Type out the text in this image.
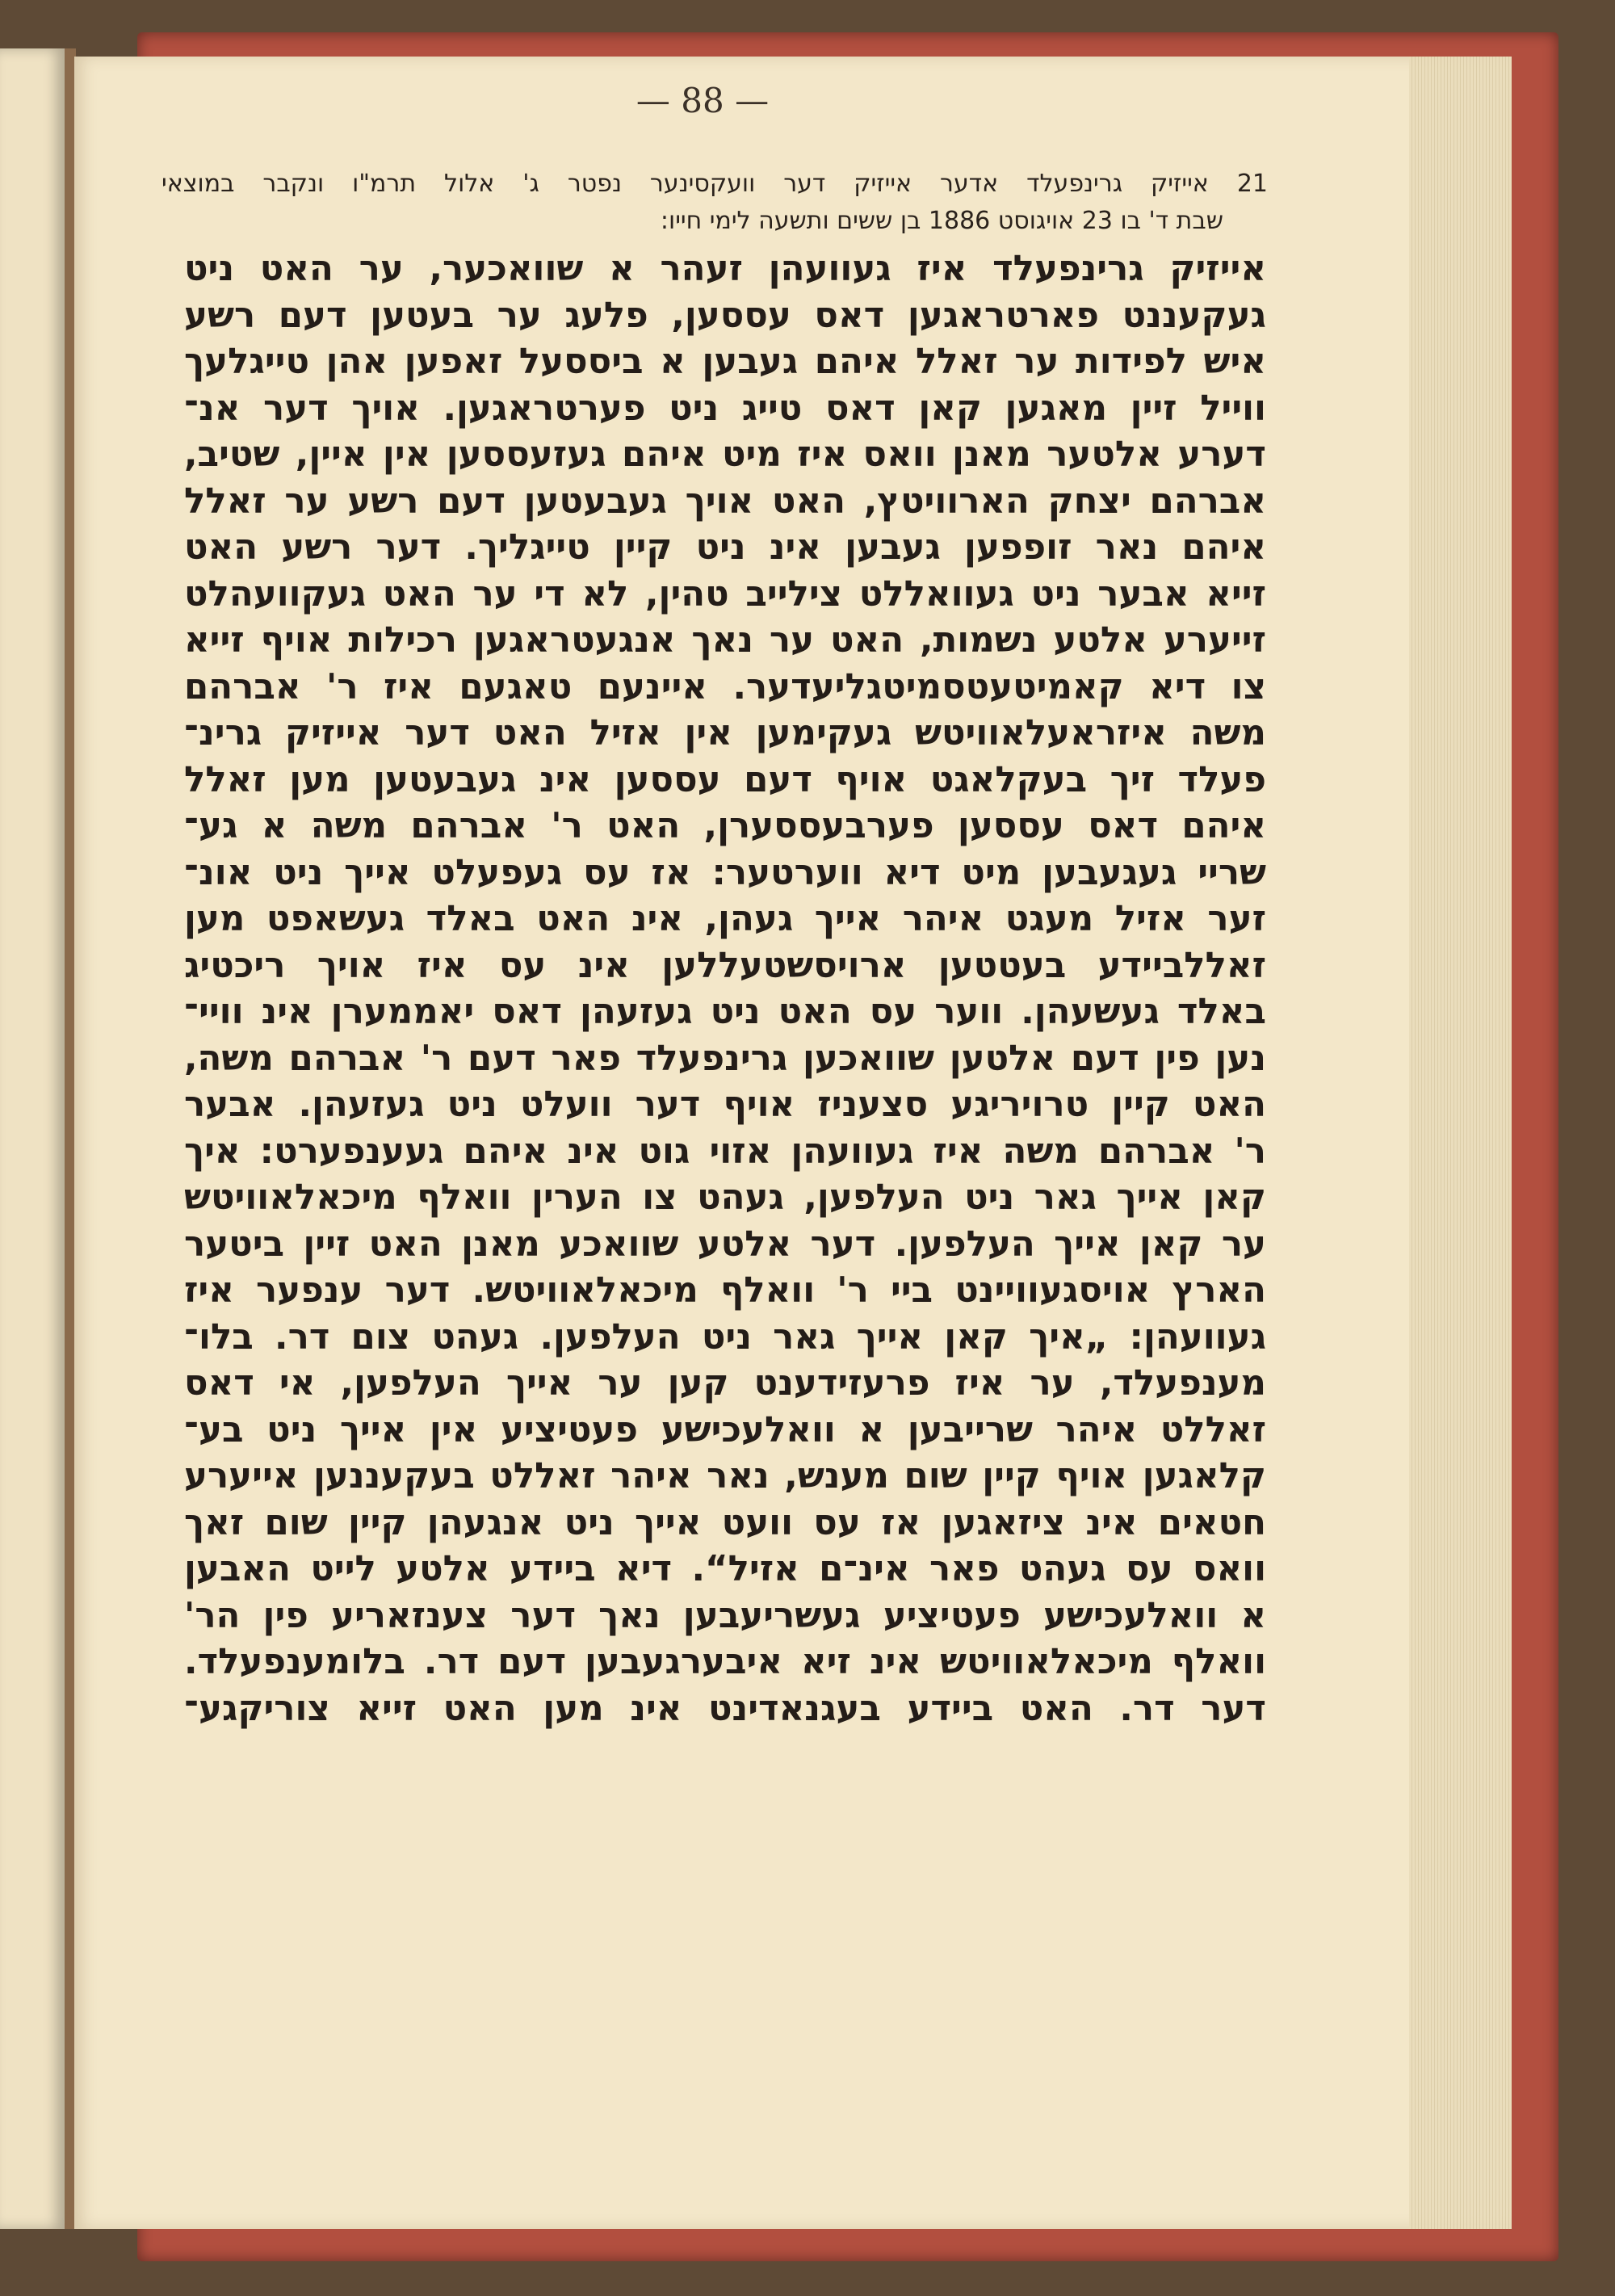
— 88 —
21 אייזיק גרינפעלד אדער אייזיק דער וועקסינער נפטר ג' אלול תרמ"ו ונקבר במוצאי
שבת ד' בו 23 אויגוסט 1886 בן ששים ותשעה לימי חייו:
אייזיק גרינפעלד איז געוועהן זעהר א שוואכער, ער האט ניט
געקעננט פארטראגען דאס עססען, פלעג ער בעטען דעם רשע
איש לפידות ער זאלל איהם געבען א ביססעל זאפען אהן טייגלעך
ווייל זיין מאגען קאן דאס טייג ניט פערטראגען. אויך דער אנ־
דערע אלטער מאנן וואס איז מיט איהם געזעססען אין איין, שטיב,
אברהם יצחק הארוויטץ, האט אויך געבעטען דעם רשע ער זאלל
איהם נאר זופפען געבען אינ ניט קיין טייגליך. דער רשע האט
זייא אבער ניט געוואללט צילייב טהין, לא די ער האט געקוועהלט
זייערע אלטע נשמות, האט ער נאך אנגעטראגען רכילות אויף זייא
צו דיא קאמיטעטסמיטגליעדער. איינעם טאגעם איז ר' אברהם
משה איזראעלאוויטש געקימען אין אזיל האט דער אייזיק גרינ־
פעלד זיך בעקלאגט אויף דעם עססען אינ געבעטען מען זאלל
איהם דאס עססען פערבעססערן, האט ר' אברהם משה א גע־
שריי געגעבען מיט דיא ווערטער: אז עס געפעלט אייך ניט אונ־
זער אזיל מעגט איהר אייך געהן, אינ האט באלד געשאפט מען
זאללביידע בעטטען ארויסשטעללען אינ עס איז אויך ריכטיג
באלד געשעהן. ווער עס האט ניט געזעהן דאס יאממערן אינ וויי־
נען פין דעם אלטען שוואכען גרינפעלד פאר דעם ר' אברהם משה,
האט קיין טרויריגע סצעניז אויף דער וועלט ניט געזעהן. אבער
ר' אברהם משה איז געוועהן אזוי גוט אינ איהם געענפערט: איך
קאן אייך גאר ניט העלפען, געהט צו הערין וואלף מיכאלאוויטש
ער קאן אייך העלפען. דער אלטע שוואכע מאנן האט זיין ביטער
הארץ אויסגעוויינט ביי ר' וואלף מיכאלאוויטש. דער ענפער איז
געוועהן: „איך קאן אייך גאר ניט העלפען. געהט צום דר. בלו־
מענפעלד, ער איז פרעזידענט קען ער אייך העלפען, אי דאס
זאללט איהר שרייבען א וואלעכישע פעטיציע אין אייך ניט בע־
קלאגען אויף קיין שום מענש, נאר איהר זאללט בעקעננען אייערע
חטאים אינ ציזאגען אז עס וועט אייך ניט אנגעהן קיין שום זאך
וואס עס געהט פאר אינ־ם אזיל“. דיא ביידע אלטע לייט האבען
א וואלעכישע פעטיציע געשריעבען נאך דער צענזאריע פין הר'
וואלף מיכאלאוויטש אינ זיא איבערגעבען דעם דר. בלומענפעלד.
דער דר. האט ביידע בעגנאדינט אינ מען האט זייא צוריקגע־
